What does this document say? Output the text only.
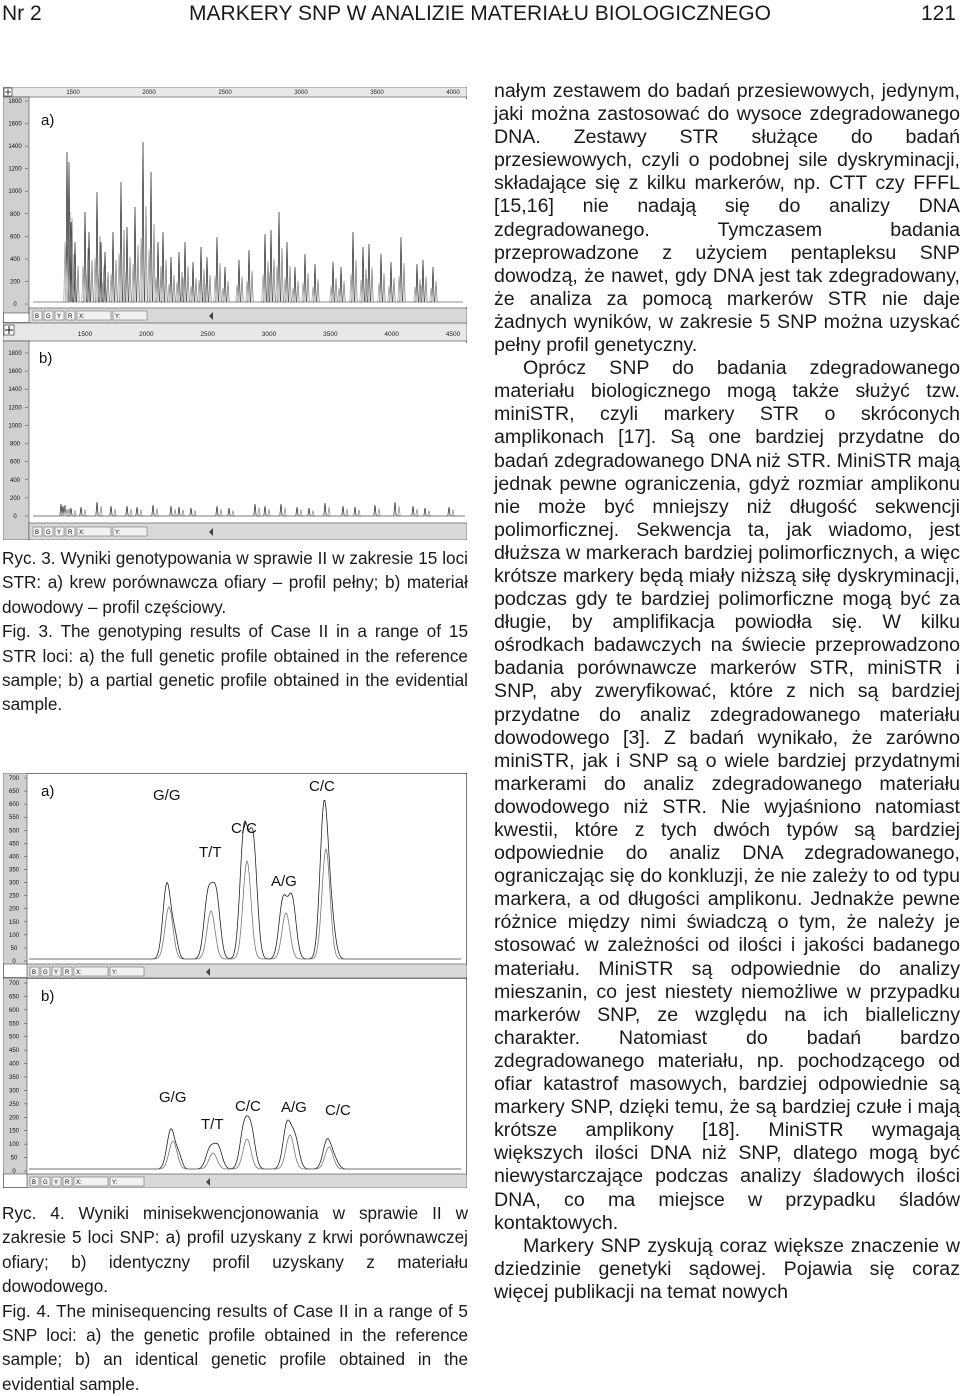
Nr 2	MARKERY SNP W ANALIZIE MATERIAŁU BIOLOGICZNEGO	121
1500	2000	2500	3000	3500	4000
1800
1600
1400
1200
1000
800
600
400
200
0
a)
B G Y R X:	Y:
1500	2000	2500	3000	3500	4000	4500
1800
1600
1400
1200
1000
800
600
400
200
0
b)
B G Y R X:	Y:

Ryc. 3. Wyniki genotypowania w sprawie II w zakresie 15 loci STR: a) krew porównawcza ofiary – profil pełny; b) materiał dowodowy – profil częściowy.

Fig. 3. The genotyping results of Case II in a range of 15 STR loci: a) the full genetic profile obtained in the reference sample; b) a partial genetic profile obtained in the evidential sample.

700
650
600
550
500
450
400
350
300
250
200
150
100
50
0
a)	G/G
T/T
C/C
A/G
C/C
B G Y R X:	Y:
700
650
600
550
500
450
400
350
300
250
200
150
100
50
0
b)
G/G
T/T
C/C A/G C/C
B G Y R X:	Y:

Ryc. 4. Wyniki minisekwencjonowania w sprawie II w zakresie 5 loci SNP: a) profil uzyskany z krwi porównawczej ofiary; b) identyczny profil uzyskany z materiału dowodowego.

Fig. 4. The minisequencing results of Case II in a range of 5 SNP loci: a) the genetic profile obtained in the reference sample; b) an identical genetic profile obtained in the evidential sample.

nałym zestawem do badań przesiewowych, jedynym, jaki można zastosować do wysoce zdegradowanego DNA. Zestawy STR służące do badań przesiewowych, czyli o podobnej sile dyskryminacji, składające się z kilku markerów, np. CTT czy FFFL [15,16] nie nadają się do analizy DNA zdegradowanego. Tymczasem badania przeprowadzone z użyciem pentapleksu SNP dowodzą, że nawet, gdy DNA jest tak zdegradowany, że analiza za pomocą markerów STR nie daje żadnych wyników, w zakresie 5 SNP można uzyskać pełny profil genetyczny.

Oprócz SNP do badania zdegradowanego materiału biologicznego mogą także służyć tzw. miniSTR, czyli markery STR o skróconych amplikonach [17]. Są one bardziej przydatne do badań zdegradowanego DNA niż STR. MiniSTR mają jednak pewne ograniczenia, gdyż rozmiar amplikonu nie może być mniejszy niż długość sekwencji polimorficznej. Sekwencja ta, jak wiadomo, jest dłuższa w markerach bardziej polimorficznych, a więc krótsze markery będą miały niższą siłę dyskryminacji, podczas gdy te bardziej polimorficzne mogą być za długie, by amplifikacja powiodła się. W kilku ośrodkach badawczych na świecie przeprowadzono badania porównawcze markerów STR, miniSTR i SNP, aby zweryfikować, które z nich są bardziej przydatne do analiz zdegradowanego materiału dowodowego [3]. Z badań wynikało, że zarówno miniSTR, jak i SNP są o wiele bardziej przydatnymi markerami do analiz zdegradowanego materiału dowodowego niż STR. Nie wyjaśniono natomiast kwestii, które z tych dwóch typów są bardziej odpowiednie do analiz DNA zdegradowanego, ograniczając się do konkluzji, że nie zależy to od typu markera, a od długości amplikonu. Jednakże pewne różnice między nimi świadczą o tym, że należy je stosować w zależności od ilości i jakości badanego materiału. MiniSTR są odpowiednie do analizy mieszanin, co jest niestety niemożliwe w przypadku markerów SNP, ze względu na ich bialleliczny charakter. Natomiast do badań bardzo zdegradowanego materiału, np. pochodzącego od ofiar katastrof masowych, bardziej odpowiednie są markery SNP, dzięki temu, że są bardziej czułe i mają krótsze amplikony [18]. MiniSTR wymagają większych ilości DNA niż SNP, dlatego mogą być niewystarczające podczas analizy śladowych ilości DNA, co ma miejsce w przypadku śladów kontaktowych.

Markery SNP zyskują coraz większe znaczenie w dziedzinie genetyki sądowej. Pojawia się coraz więcej publikacji na temat nowych
